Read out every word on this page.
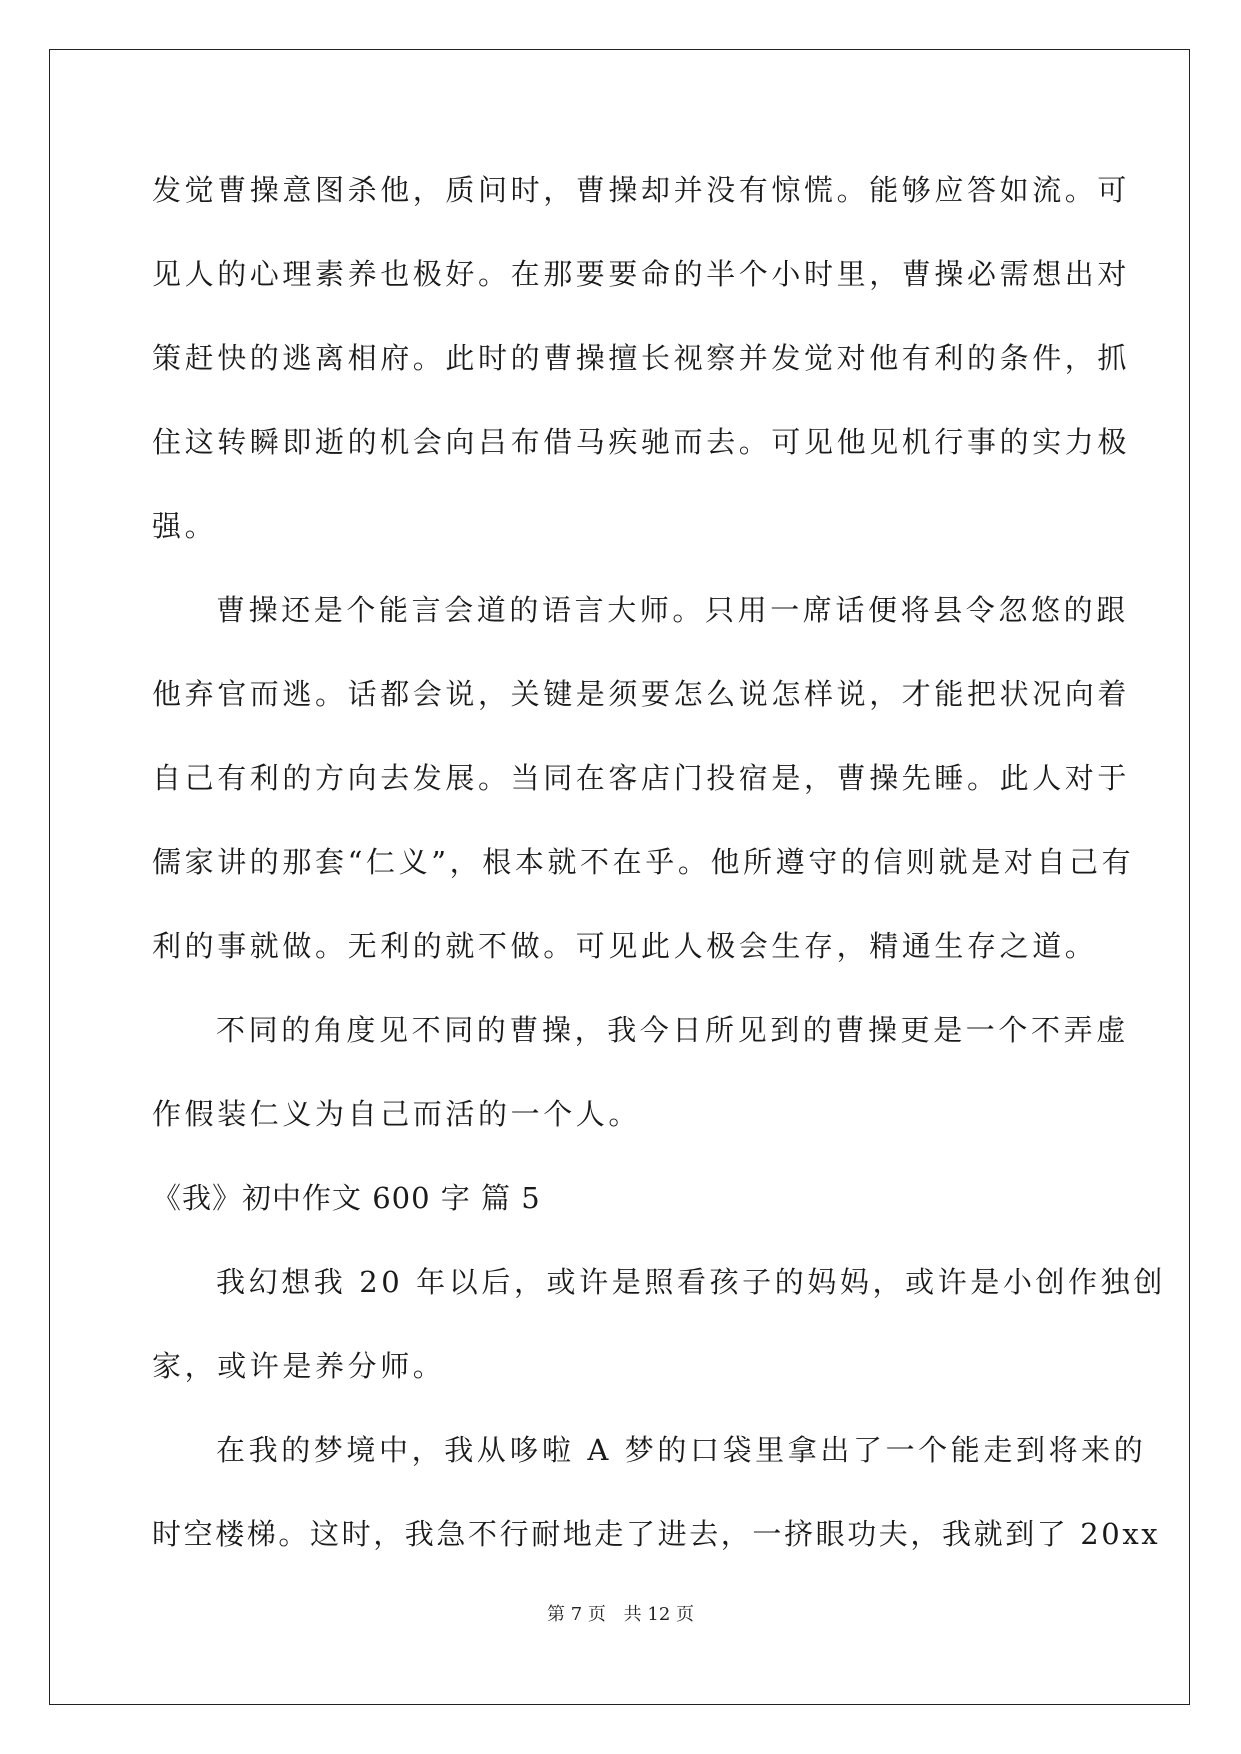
发觉曹操意图杀他，质问时，曹操却并没有惊慌。能够应答如流。可
见人的心理素养也极好。在那要要命的半个小时里，曹操必需想出对
策赶快的逃离相府。此时的曹操擅长视察并发觉对他有利的条件，抓
住这转瞬即逝的机会向吕布借马疾驰而去。可见他见机行事的实力极
强。
曹操还是个能言会道的语言大师。只用一席话便将县令忽悠的跟
他弃官而逃。话都会说，关键是须要怎么说怎样说，才能把状况向着
自己有利的方向去发展。当同在客店门投宿是，曹操先睡。此人对于
儒家讲的那套“仁义”，根本就不在乎。他所遵守的信则就是对自己有
利的事就做。无利的就不做。可见此人极会生存，精通生存之道。
不同的角度见不同的曹操，我今日所见到的曹操更是一个不弄虚
作假装仁义为自己而活的一个人。
《我》初中作文 600 字 篇 5
我幻想我 20 年以后，或许是照看孩子的妈妈，或许是小创作独创
家，或许是养分师。
在我的梦境中，我从哆啦 A 梦的口袋里拿出了一个能走到将来的
时空楼梯。这时，我急不行耐地走了进去，一挤眼功夫，我就到了 20xx
第 7 页 共 12 页
